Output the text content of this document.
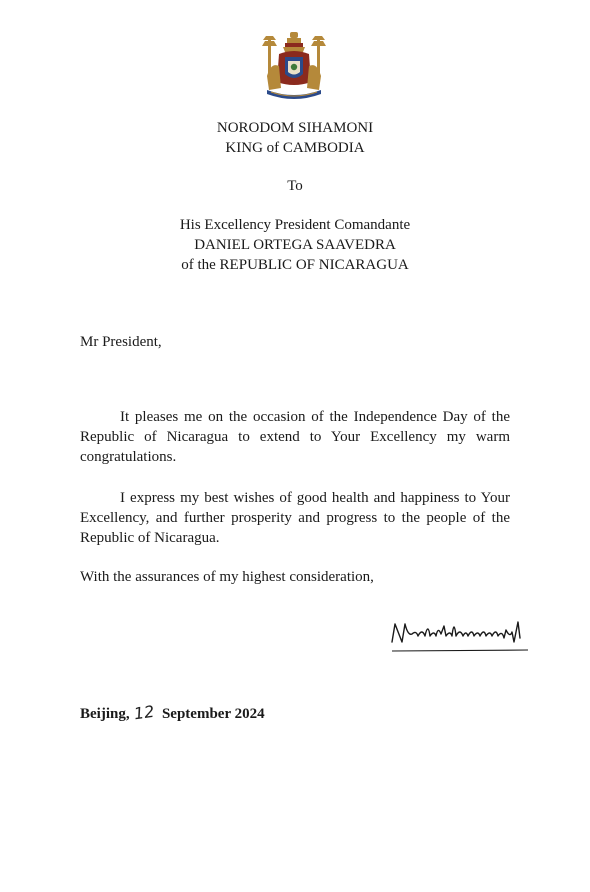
NORODOM SIHAMONI
KING of CAMBODIA
To
His Excellency President Comandante
DANIEL ORTEGA SAAVEDRA
of the REPUBLIC OF NICARAGUA
Mr President,
It pleases me on the occasion of the Independence Day of the Republic of Nicaragua to extend to Your Excellency my warm congratulations.
I express my best wishes of good health and happiness to Your Excellency, and further prosperity and progress to the people of the Republic of Nicaragua.
With the assurances of my highest consideration,
Beijing, 12 September 2024
